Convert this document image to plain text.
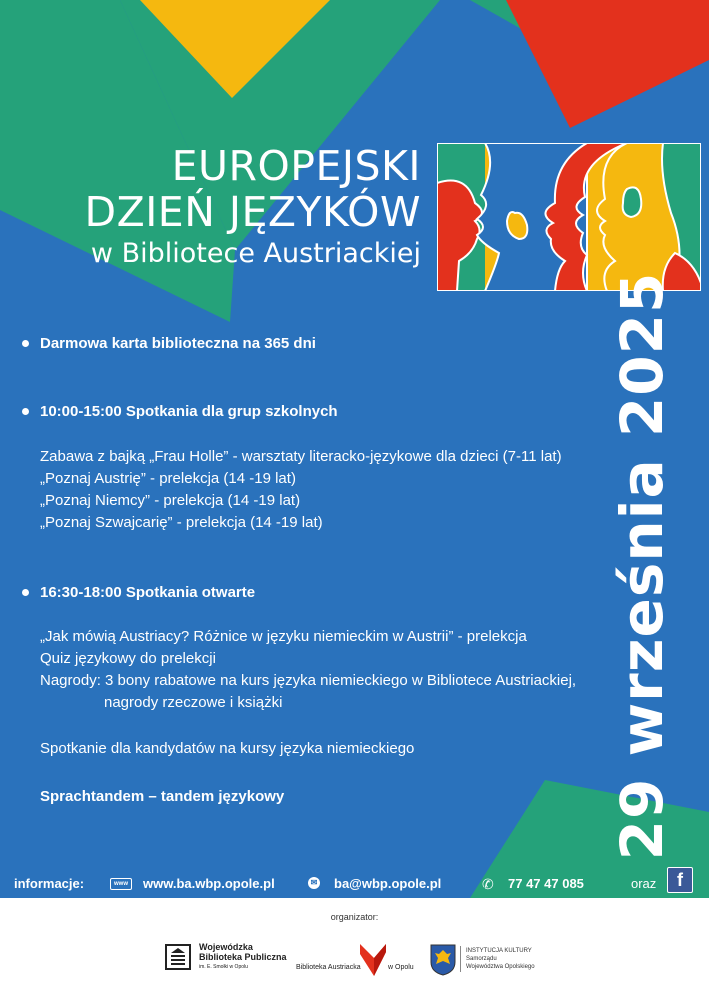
EUROPEJSKI
DZIEŃ JĘZYKÓW
w Bibliotece Austriackiej
29 września 2025
Darmowa karta biblioteczna na 365 dni
10:00-15:00 Spotkania dla grup szkolnych
Zabawa z bajką „Frau Holle” - warsztaty literacko-językowe dla dzieci (7-11 lat)
„Poznaj Austrię” - prelekcja (14 -19 lat)
„Poznaj Niemcy” - prelekcja (14 -19 lat)
„Poznaj Szwajcarię” - prelekcja (14 -19 lat)
16:30-18:00 Spotkania otwarte
„Jak mówią Austriacy? Różnice w języku niemieckim w Austrii” - prelekcja
Quiz językowy do prelekcji
Nagrody: 3 bony rabatowe na kurs języka niemieckiego w Bibliotece Austriackiej,
nagrody rzeczowe i książki
Spotkanie dla kandydatów na kursy języka niemieckiego
Sprachtandem – tandem językowy
informacje:	www	www.ba.wbp.opole.pl	✉ ba@wbp.opole.pl	✆ 77 47 47 085	oraz	f
organizator:
Wojewódzka
Biblioteka Publiczna
im. E. Smołki w Opolu	Biblioteka Austriacka	w Opolu
INSTYTUCJA KULTURY
Samorządu
Województwa Opolskiego
